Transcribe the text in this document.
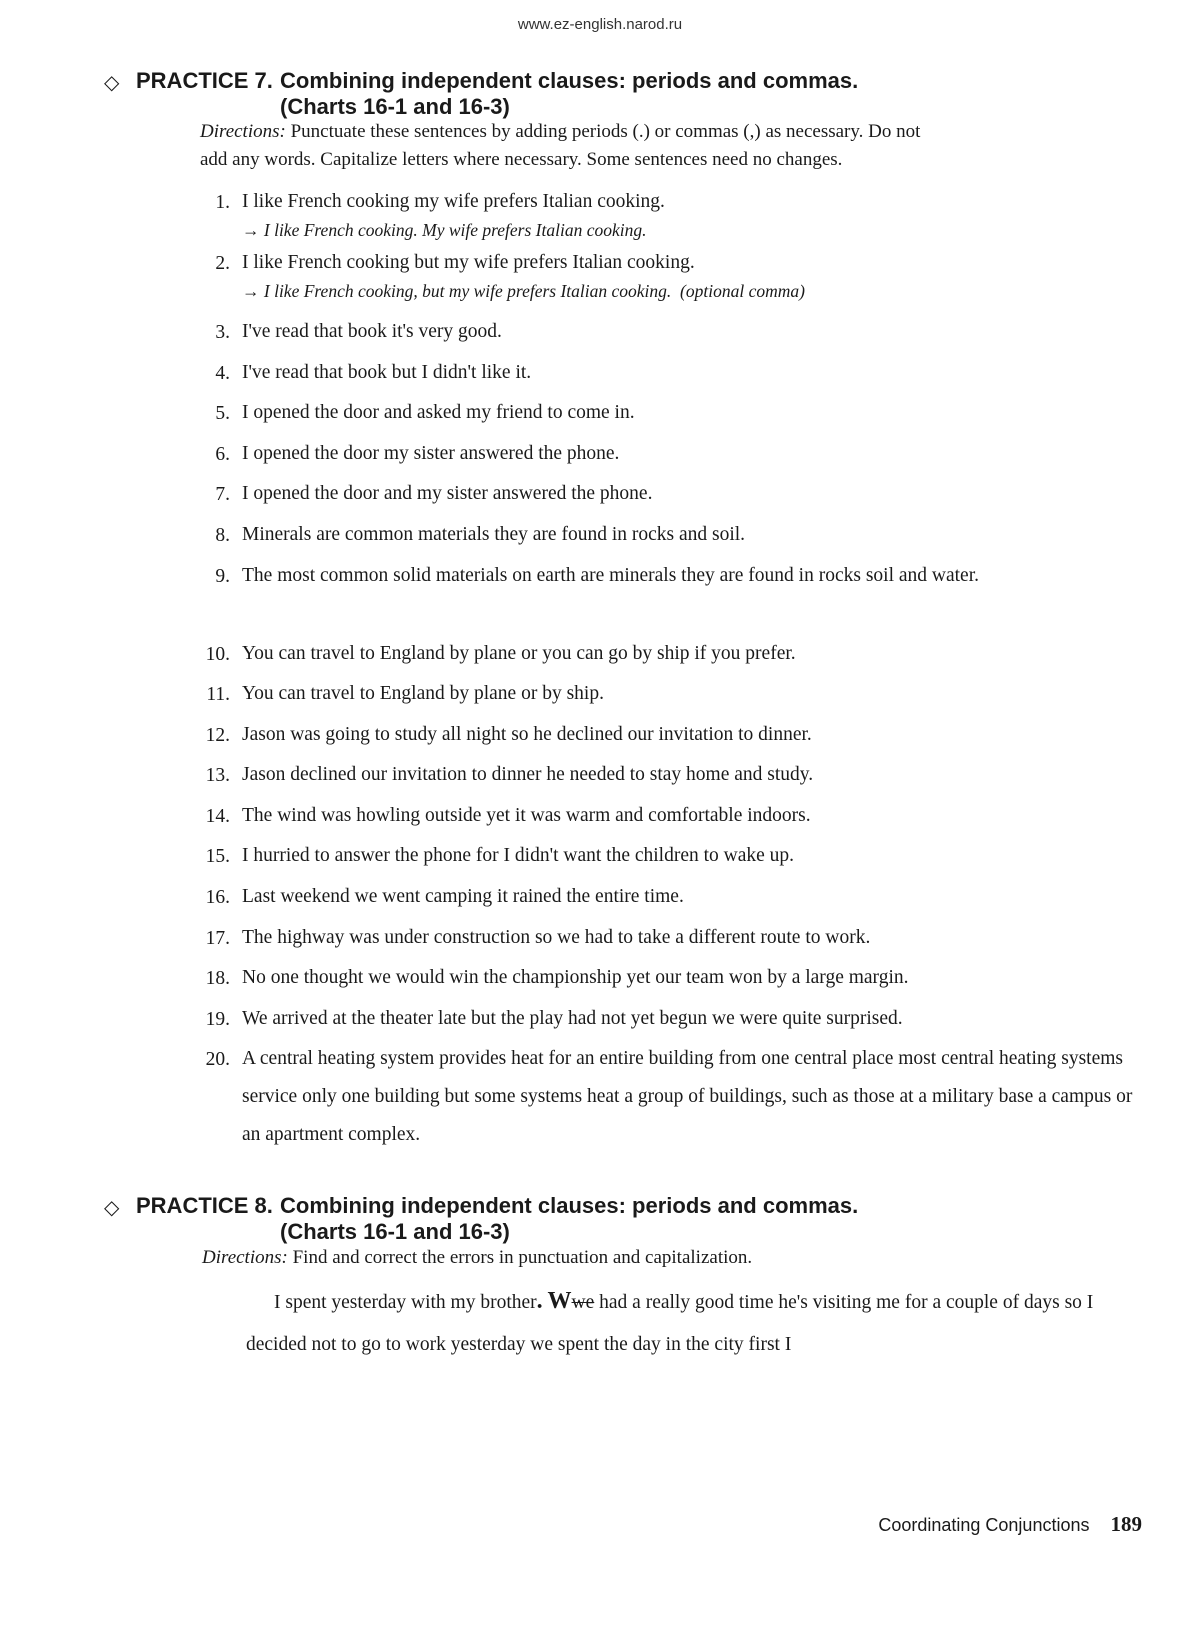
www.ez-english.narod.ru
◇ PRACTICE 7. Combining independent clauses: periods and commas.
(Charts 16-1 and 16-3)
Directions: Punctuate these sentences by adding periods (.) or commas (,) as necessary. Do not
add any words. Capitalize letters where necessary. Some sentences need no changes.
1. I like French cooking my wife prefers Italian cooking.
→ I like French cooking. My wife prefers Italian cooking.
2. I like French cooking but my wife prefers Italian cooking.
→ I like French cooking, but my wife prefers Italian cooking. (optional comma)
3. I've read that book it's very good.
4. I've read that book but I didn't like it.
5. I opened the door and asked my friend to come in.
6. I opened the door my sister answered the phone.
7. I opened the door and my sister answered the phone.
8. Minerals are common materials they are found in rocks and soil.
9. The most common solid materials on earth are minerals they are found in rocks soil and water.
10. You can travel to England by plane or you can go by ship if you prefer.
11. You can travel to England by plane or by ship.
12. Jason was going to study all night so he declined our invitation to dinner.
13. Jason declined our invitation to dinner he needed to stay home and study.
14. The wind was howling outside yet it was warm and comfortable indoors.
15. I hurried to answer the phone for I didn't want the children to wake up.
16. Last weekend we went camping it rained the entire time.
17. The highway was under construction so we had to take a different route to work.
18. No one thought we would win the championship yet our team won by a large margin.
19. We arrived at the theater late but the play had not yet begun we were quite surprised.
20. A central heating system provides heat for an entire building from one central place most central heating systems service only one building but some systems heat a group of buildings, such as those at a military base a campus or an apartment complex.
◇ PRACTICE 8. Combining independent clauses: periods and commas.
(Charts 16-1 and 16-3)
Directions: Find and correct the errors in punctuation and capitalization.
I spent yesterday with my brother. Wwe had a really good time he's visiting me for a couple of days so I decided not to go to work yesterday we spent the day in the city first I
Coordinating Conjunctions 189
